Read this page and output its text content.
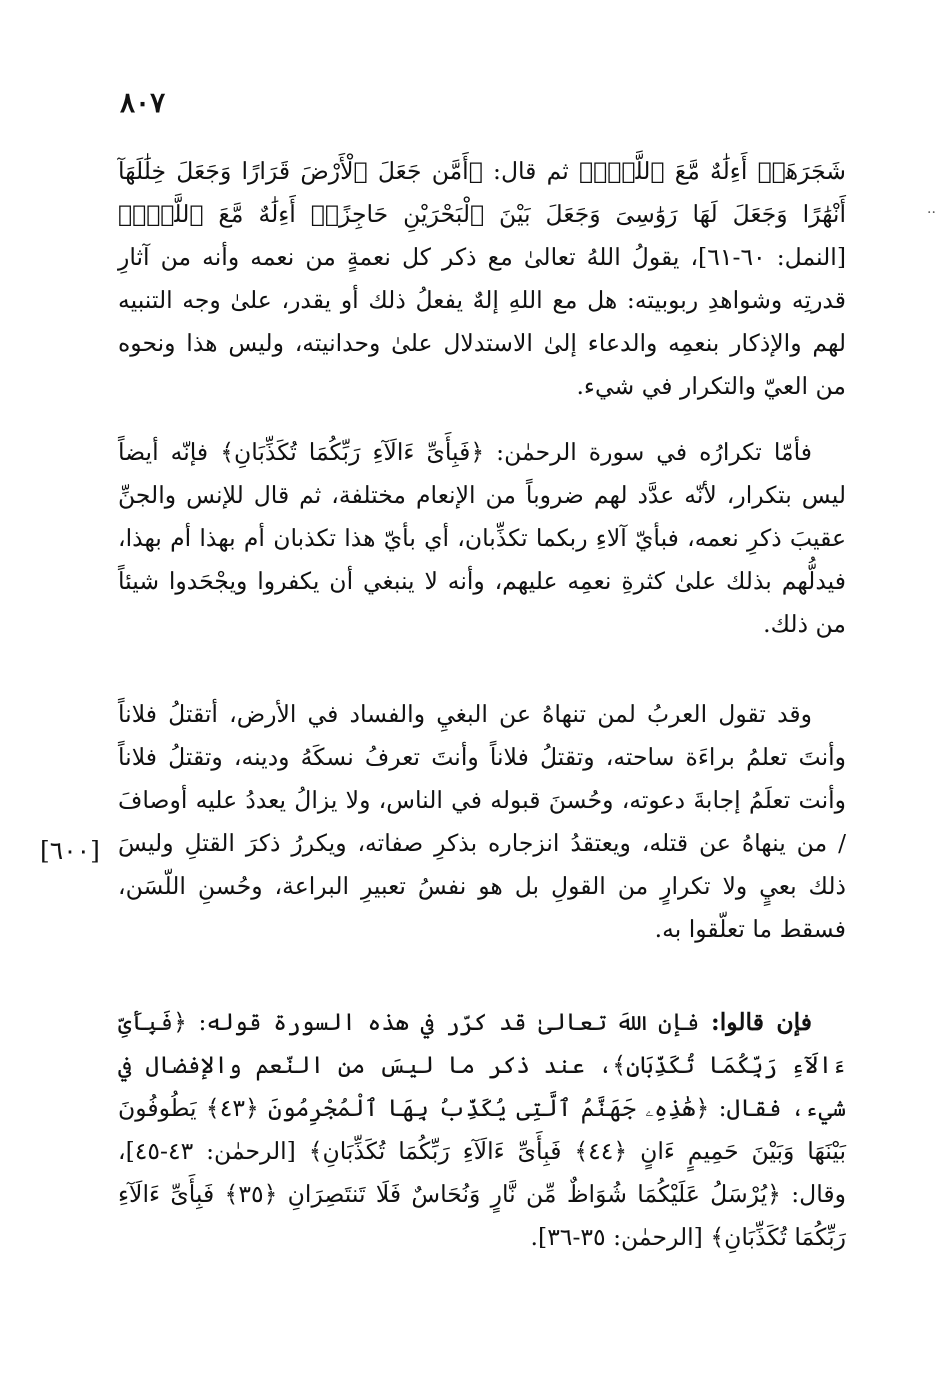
٨٠٧
[٦٠٠]
··

شَجَرَهَآۗ أَءِلَٰهٌ مَّعَ ٱللَّهِۚ﴾ ثم قال: ﴿أَمَّن جَعَلَ ٱلْأَرْضَ قَرَارًا وَجَعَلَ خِلَٰلَهَآ أَنْهَٰرًا وَجَعَلَ لَهَا رَوَٰسِىَ وَجَعَلَ بَيْنَ ٱلْبَحْرَيْنِ حَاجِزًاۗ أَءِلَٰهٌ مَّعَ ٱللَّهِۚ﴾ [النمل: ٦٠-٦١]، يقولُ اللهُ تعالىٰ مع ذكر كل نعمةٍ من نعمه وأنه من آثارِ قدرتِه وشواهدِ ربوبيته: هل مع اللهِ إلهٌ يفعلُ ذلك أو يقدر، علىٰ وجه التنبيه لهم والإذكار بنعمِه والدعاء إلىٰ الاستدلال علىٰ وحدانيته، وليس هذا ونحوه من العيّ والتكرار في شيء.

فأمّا تكرارُه في سورة الرحمٰن: ﴿فَبِأَىِّ ءَالَآءِ رَبِّكُمَا تُكَذِّبَانِ﴾ فإنّه أيضاً ليس بتكرار، لأنّه عدَّد لهم ضروباً من الإنعام مختلفة، ثم قال للإنس والجنِّ عقيبَ ذكرِ نعمه، فبأيّ آلاءِ ربكما تكذِّبان، أي بأيّ هذا تكذبان أم بهذا أم بهذا، فيدلُّهم بذلك علىٰ كثرةِ نعمِه عليهم، وأنه لا ينبغي أن يكفروا ويجْحَدوا شيئاً من ذلك.

وقد تقول العربُ لمن تنهاهُ عن البغيِ والفساد في الأرض، أتقتلُ فلاناً وأنتَ تعلمُ براءَة ساحته، وتقتلُ فلاناً وأنتَ تعرفُ نسكَهُ ودينه، وتقتلُ فلاناً وأنت تعلَمُ إجابةَ دعوته، وحُسنَ قبوله في الناس، ولا يزالُ يعددُ عليه أوصافَ / من ينهاهُ عن قتله، ويعتقدُ انزجاره بذكرِ صفاته، ويكررُ ذكرَ القتلِ وليسَ ذلك بعيٍ ولا تكرارٍ من القولِ بل هو نفسُ تعبيرِ البراعة، وحُسنِ اللّسَن، فسقط ما تعلّقوا به.

فإن قالوا: فإن اللهَ تعالىٰ قد كرّر في هذه السورة قوله: ﴿فَبِأَىِّ ءَالَآءِ رَبِّكُمَا تُكَذِّبَانِ﴾، عند ذكر ما ليسَ من النّعم والإفضال في شيء، فقال: ﴿هَٰذِهِۦ جَهَنَّمُ ٱلَّتِى يُكَذِّبُ بِهَا ٱلْمُجْرِمُونَ ﴿٤٣﴾ يَطُوفُونَ بَيْنَهَا وَبَيْنَ حَمِيمٍ ءَانٍ ﴿٤٤﴾ فَبِأَىِّ ءَالَآءِ رَبِّكُمَا تُكَذِّبَانِ﴾ [الرحمٰن: ٤٣-٤٥]، وقال: ﴿يُرْسَلُ عَلَيْكُمَا شُوَاظٌ مِّن نَّارٍ وَنُحَاسٌ فَلَا تَنتَصِرَانِ ﴿٣٥﴾ فَبِأَىِّ ءَالَآءِ رَبِّكُمَا تُكَذِّبَانِ﴾ [الرحمٰن: ٣٥-٣٦].
